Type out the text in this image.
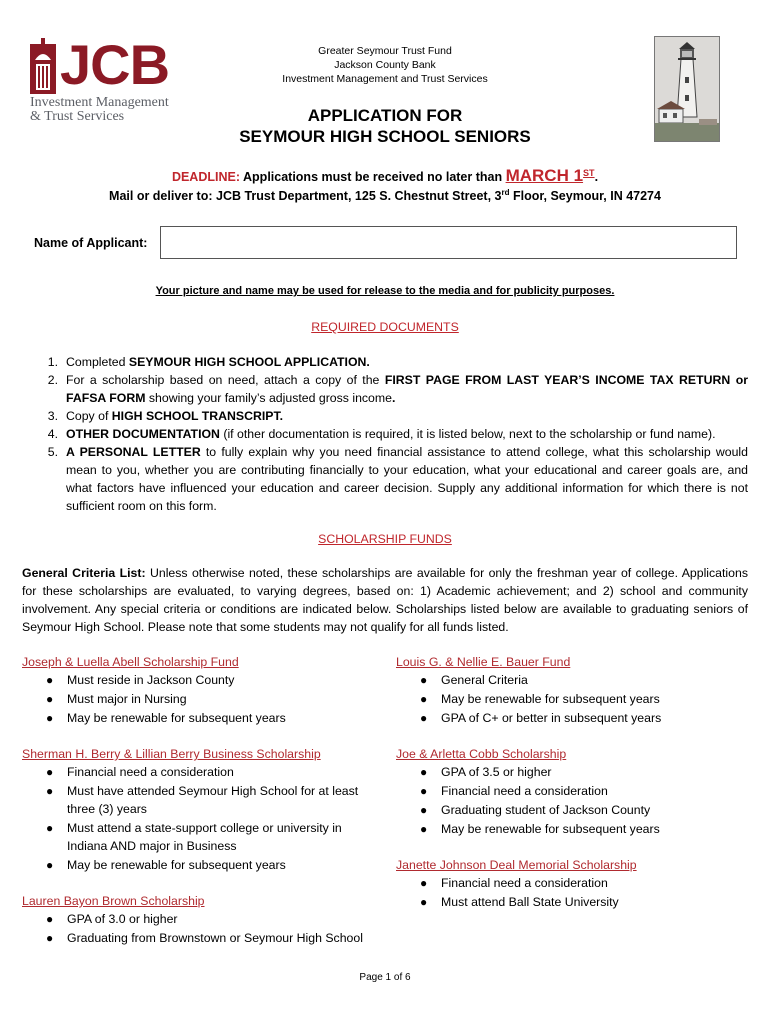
JCB
Investment Management
& Trust Services
Greater Seymour Trust Fund
Jackson County Bank
Investment Management and Trust Services
APPLICATION FOR
SEYMOUR HIGH SCHOOL SENIORS
DEADLINE: Applications must be received no later than MARCH 1ST.
Mail or deliver to: JCB Trust Department, 125 S. Chestnut Street, 3rd Floor, Seymour, IN 47274
Name of Applicant:
Your picture and name may be used for release to the media and for publicity purposes.
REQUIRED DOCUMENTS
1. Completed SEYMOUR HIGH SCHOOL APPLICATION.
2. For a scholarship based on need, attach a copy of the FIRST PAGE FROM LAST YEAR’S INCOME TAX RETURN or FAFSA FORM showing your family’s adjusted gross income.
3. Copy of HIGH SCHOOL TRANSCRIPT.
4. OTHER DOCUMENTATION (if other documentation is required, it is listed below, next to the scholarship or fund name).
5. A PERSONAL LETTER to fully explain why you need financial assistance to attend college, what this scholarship would mean to you, whether you are contributing financially to your education, what your educational and career goals are, and what factors have influenced your education and career decision. Supply any additional information for which there is not sufficient room on this form.
SCHOLARSHIP FUNDS
General Criteria List: Unless otherwise noted, these scholarships are available for only the freshman year of college. Applications for these scholarships are evaluated, to varying degrees, based on: 1) Academic achievement; and 2) school and community involvement. Any special criteria or conditions are indicated below. Scholarships listed below are available to graduating seniors of Seymour High School. Please note that some students may not qualify for all funds listed.
Joseph & Luella Abell Scholarship Fund
● Must reside in Jackson County
● Must major in Nursing
● May be renewable for subsequent years
Louis G. & Nellie E. Bauer Fund
● General Criteria
● May be renewable for subsequent years
● GPA of C+ or better in subsequent years
Sherman H. Berry & Lillian Berry Business Scholarship
● Financial need a consideration
● Must have attended Seymour High School for at least three (3) years
● Must attend a state-support college or university in Indiana AND major in Business
● May be renewable for subsequent years
Joe & Arletta Cobb Scholarship
● GPA of 3.5 or higher
● Financial need a consideration
● Graduating student of Jackson County
● May be renewable for subsequent years
Janette Johnson Deal Memorial Scholarship
● Financial need a consideration
● Must attend Ball State University
Lauren Bayon Brown Scholarship
● GPA of 3.0 or higher
● Graduating from Brownstown or Seymour High School
Page 1 of 6
